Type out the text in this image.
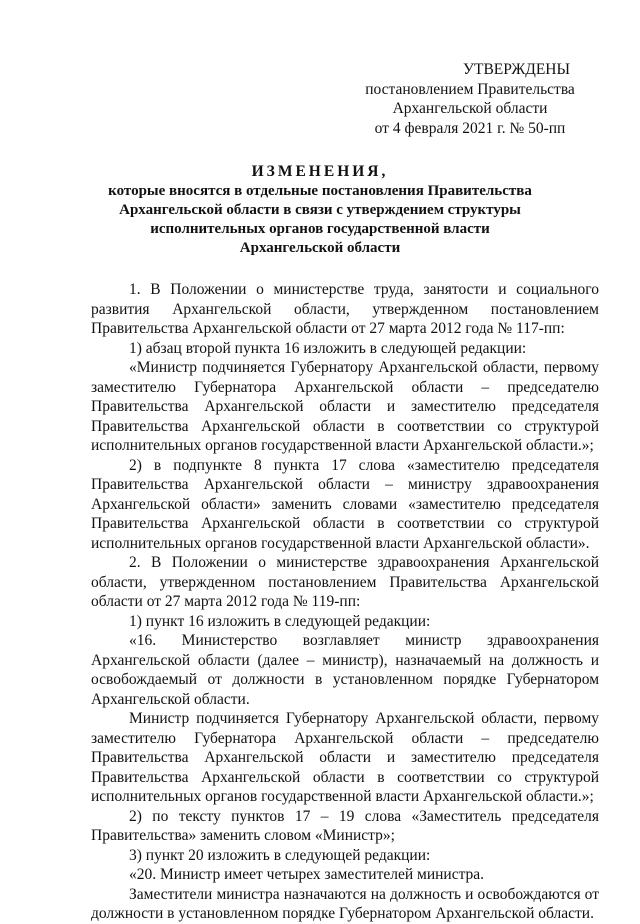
УТВЕРЖДЕНЫ
постановлением Правительства
Архангельской области
от 4 февраля 2021 г. № 50-пп
ИЗМЕНЕНИЯ,
которые вносятся в отдельные постановления Правительства
Архангельской области в связи с утверждением структуры
исполнительных органов государственной власти
Архангельской области

1. В Положении о министерстве труда, занятости и социального развития Архангельской области, утвержденном постановлением Правительства Архангельской области от 27 марта 2012 года № 117-пп:

1) абзац второй пункта 16 изложить в следующей редакции:

«Министр подчиняется Губернатору Архангельской области, первому заместителю Губернатора Архангельской области – председателю Правительства Архангельской области и заместителю председателя Правительства Архангельской области в соответствии со структурой исполнительных органов государственной власти Архангельской области.»;

2) в подпункте 8 пункта 17 слова «заместителю председателя Правительства Архангельской области – министру здравоохранения Архангельской области» заменить словами «заместителю председателя Правительства Архангельской области в соответствии со структурой исполнительных органов государственной власти Архангельской области».

2. В Положении о министерстве здравоохранения Архангельской области, утвержденном постановлением Правительства Архангельской области от 27 марта 2012 года № 119-пп:

1) пункт 16 изложить в следующей редакции:

«16. Министерство возглавляет министр здравоохранения Архангельской области (далее – министр), назначаемый на должность и освобождаемый от должности в установленном порядке Губернатором Архангельской области.

Министр подчиняется Губернатору Архангельской области, первому заместителю Губернатора Архангельской области – председателю Правительства Архангельской области и заместителю председателя Правительства Архангельской области в соответствии со структурой исполнительных органов государственной власти Архангельской области.»;

2) по тексту пунктов 17 – 19 слова «Заместитель председателя Правительства» заменить словом «Министр»;

3) пункт 20 изложить в следующей редакции:

«20. Министр имеет четырех заместителей министра.

Заместители министра назначаются на должность и освобождаются от должности в установленном порядке Губернатором Архангельской области.
